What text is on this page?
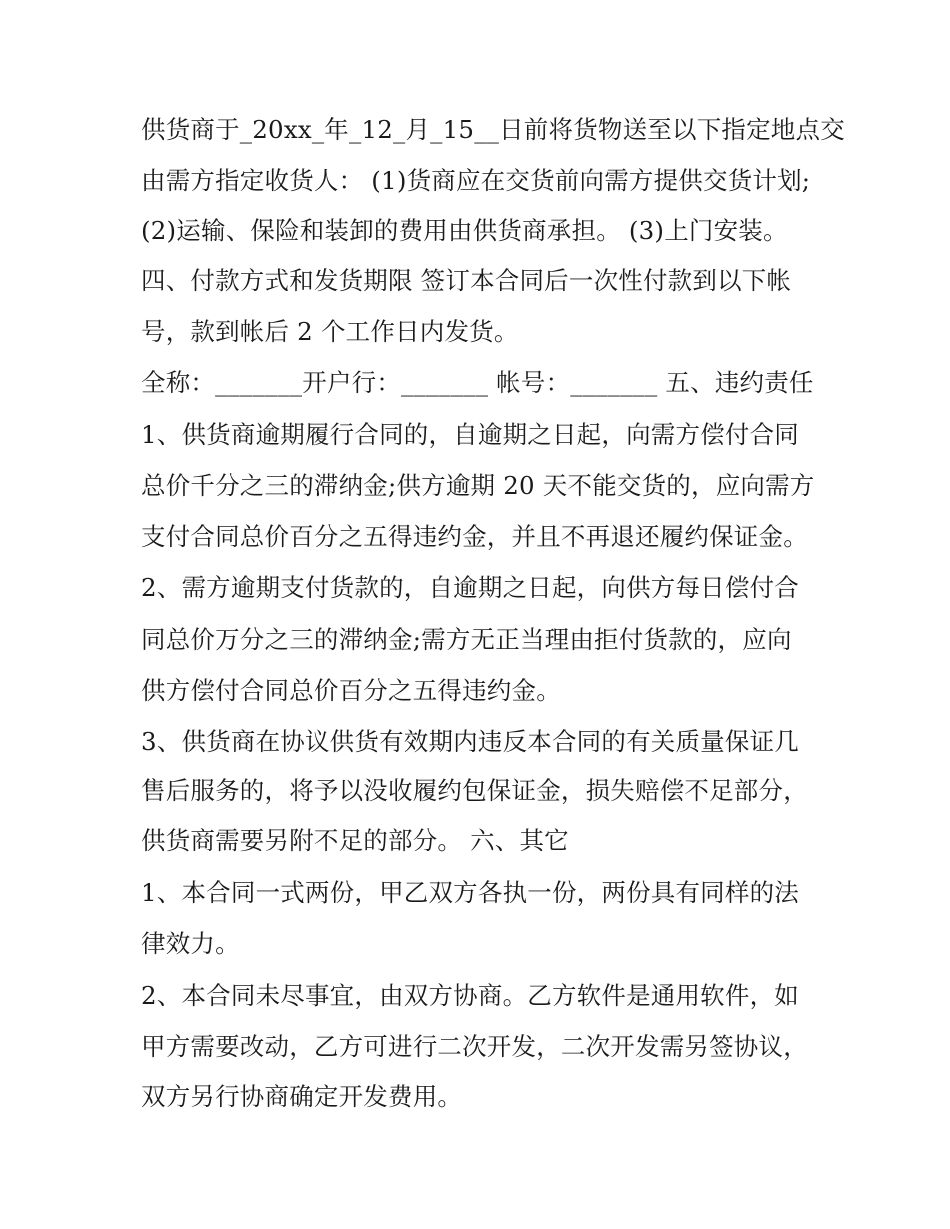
供货商于_20xx_年_12_月_15__日前将货物送至以下指定地点交

由需方指定收货人： (1)货商应在交货前向需方提供交货计划;

(2)运输、保险和装卸的费用由供货商承担。 (3)上门安装。

四、付款方式和发货期限 签订本合同后一次性付款到以下帐

号，款到帐后 2 个工作日内发货。

全称：_______开户行：_______ 帐号：_______ 五、违约责任

1、供货商逾期履行合同的，自逾期之日起，向需方偿付合同

总价千分之三的滞纳金;供方逾期 20 天不能交货的，应向需方

支付合同总价百分之五得违约金，并且不再退还履约保证金。

2、需方逾期支付货款的，自逾期之日起，向供方每日偿付合

同总价万分之三的滞纳金;需方无正当理由拒付货款的，应向

供方偿付合同总价百分之五得违约金。

3、供货商在协议供货有效期内违反本合同的有关质量保证几

售后服务的，将予以没收履约包保证金，损失赔偿不足部分，

供货商需要另附不足的部分。 六、其它

1、本合同一式两份，甲乙双方各执一份，两份具有同样的法

律效力。

2、本合同未尽事宜，由双方协商。乙方软件是通用软件，如

甲方需要改动，乙方可进行二次开发，二次开发需另签协议，

双方另行协商确定开发费用。
